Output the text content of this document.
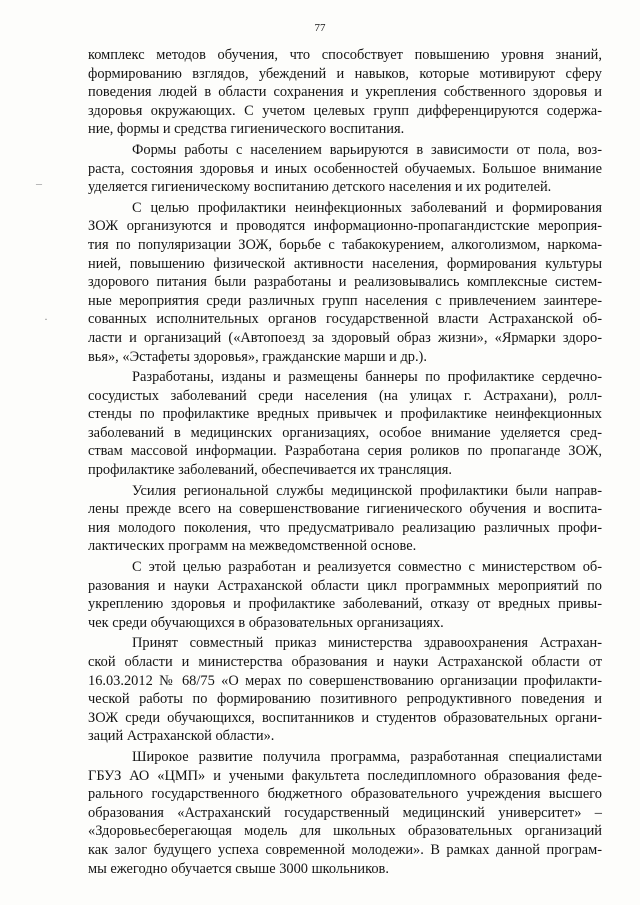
77
–
·
комплекс методов обучения, что способствует повышению уровня знаний,
формированию взглядов, убеждений и навыков, которые мотивируют сферу
поведения людей в области сохранения и укрепления собственного здоровья и
здоровья окружающих. С учетом целевых групп дифференцируются содержа-
ние, формы и средства гигиенического воспитания.
Формы работы с населением варьируются в зависимости от пола, воз-
раста, состояния здоровья и иных особенностей обучаемых. Большое внимание
уделяется гигиеническому воспитанию детского населения и их родителей.
С целью профилактики неинфекционных заболеваний и формирования
ЗОЖ организуются и проводятся информационно-пропагандистские мероприя-
тия по популяризации ЗОЖ, борьбе с табакокурением, алкоголизмом, наркома-
нией, повышению физической активности населения, формирования культуры
здорового питания были разработаны и реализовывались комплексные систем-
ные мероприятия среди различных групп населения с привлечением заинтере-
сованных исполнительных органов государственной власти Астраханской об-
ласти и организаций («Автопоезд за здоровый образ жизни», «Ярмарки здоро-
вья», «Эстафеты здоровья», гражданские марши и др.).
Разработаны, изданы и размещены баннеры по профилактике сердечно-
сосудистых заболеваний среди населения (на улицах г. Астрахани), ролл-
стенды по профилактике вредных привычек и профилактике неинфекционных
заболеваний в медицинских организациях, особое внимание уделяется сред-
ствам массовой информации. Разработана серия роликов по пропаганде ЗОЖ,
профилактике заболеваний, обеспечивается их трансляция.
Усилия региональной службы медицинской профилактики были направ-
лены прежде всего на совершенствование гигиенического обучения и воспита-
ния молодого поколения, что предусматривало реализацию различных профи-
лактических программ на межведомственной основе.
С этой целью разработан и реализуется совместно с министерством об-
разования и науки Астраханской области цикл программных мероприятий по
укреплению здоровья и профилактике заболеваний, отказу от вредных привы-
чек среди обучающихся в образовательных организациях.
Принят совместный приказ министерства здравоохранения Астрахан-
ской области и министерства образования и науки Астраханской области от
16.03.2012 № 68/75 «О мерах по совершенствованию организации профилакти-
ческой работы по формированию позитивного репродуктивного поведения и
ЗОЖ среди обучающихся, воспитанников и студентов образовательных органи-
заций Астраханской области».
Широкое развитие получила программа, разработанная специалистами
ГБУЗ АО «ЦМП» и учеными факультета последипломного образования феде-
рального государственного бюджетного образовательного учреждения высшего
образования «Астраханский государственный медицинский университет» –
«Здоровьесберегающая модель для школьных образовательных организаций
как залог будущего успеха современной молодежи». В рамках данной програм-
мы ежегодно обучается свыше 3000 школьников.
